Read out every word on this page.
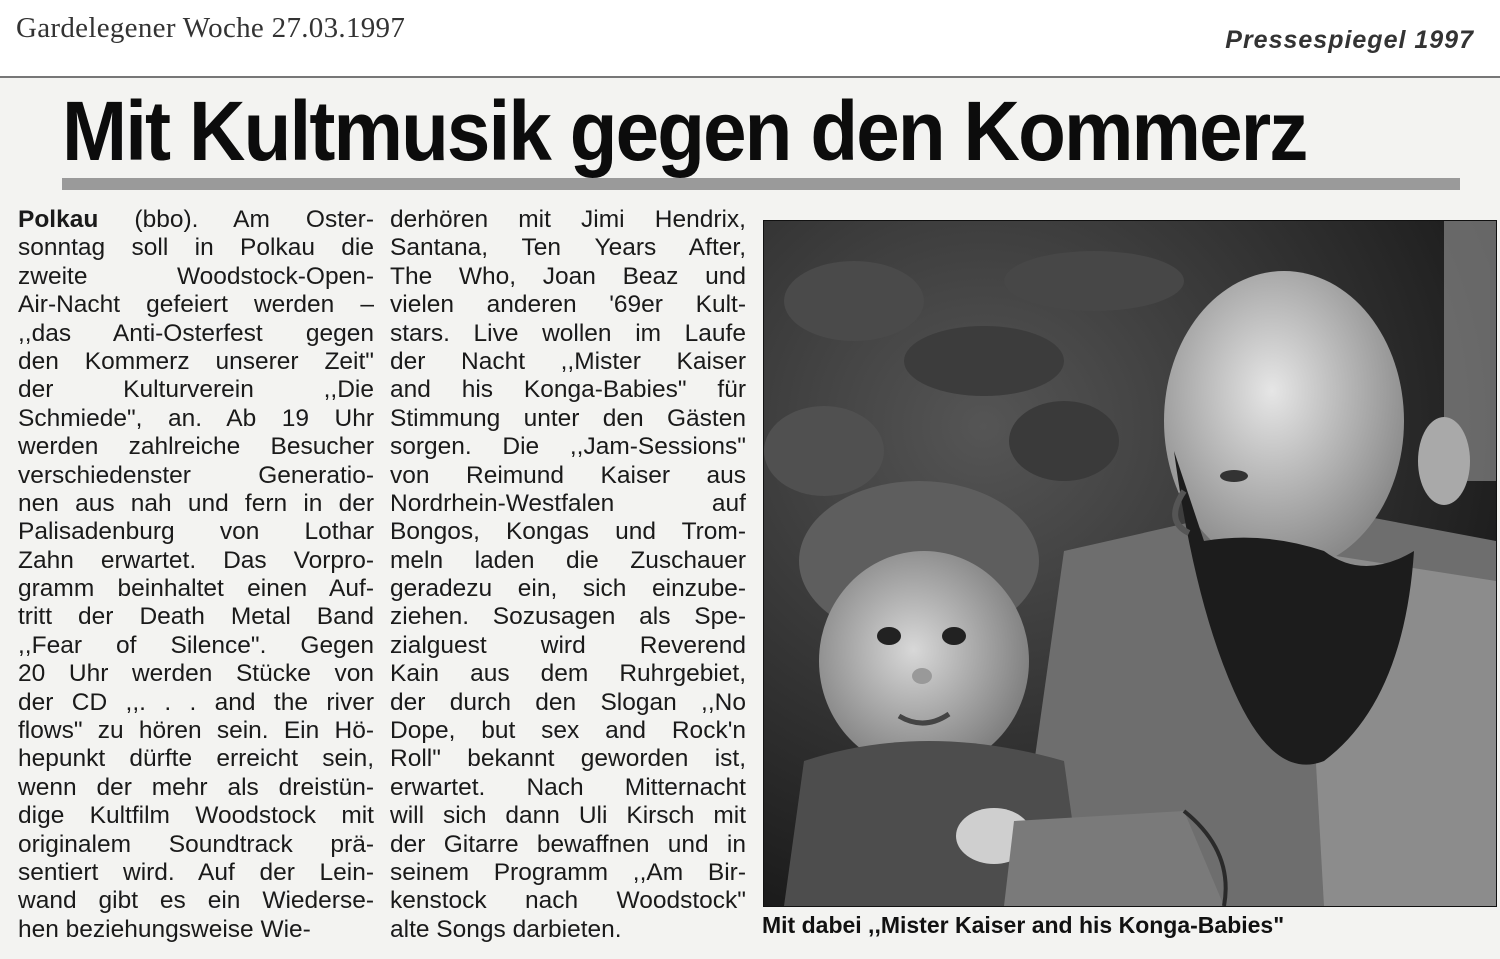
Gardelegener Woche 27.03.1997	Pressespiegel 1997
Mit Kultmusik gegen den Kommerz
Polkau (bbo). Am Oster-
sonntag soll in Polkau die
zweite Woodstock-Open-
Air-Nacht gefeiert werden –
,,das Anti-Osterfest gegen
den Kommerz unserer Zeit"
der Kulturverein ,,Die
Schmiede", an. Ab 19 Uhr
werden zahlreiche Besucher
verschiedenster Generatio-
nen aus nah und fern in der
Palisadenburg von Lothar
Zahn erwartet. Das Vorpro-
gramm beinhaltet einen Auf-
tritt der Death Metal Band
,,Fear of Silence". Gegen
20 Uhr werden Stücke von
der CD ,,. . . and the river
flows" zu hören sein. Ein Hö-
hepunkt dürfte erreicht sein,
wenn der mehr als dreistün-
dige Kultfilm Woodstock mit
originalem Soundtrack prä-
sentiert wird. Auf der Lein-
wand gibt es ein Wiederse-
hen beziehungsweise Wie-
derhören mit Jimi Hendrix,
Santana, Ten Years After,
The Who, Joan Beaz und
vielen anderen '69er Kult-
stars. Live wollen im Laufe
der Nacht ,,Mister Kaiser
and his Konga-Babies" für
Stimmung unter den Gästen
sorgen. Die ,,Jam-Sessions"
von Reimund Kaiser aus
Nordrhein-Westfalen auf
Bongos, Kongas und Trom-
meln laden die Zuschauer
geradezu ein, sich einzube-
ziehen. Sozusagen als Spe-
zialguest wird Reverend
Kain aus dem Ruhrgebiet,
der durch den Slogan ,,No
Dope, but sex and Rock'n
Roll" bekannt geworden ist,
erwartet. Nach Mitternacht
will sich dann Uli Kirsch mit
der Gitarre bewaffnen und in
seinem Programm ,,Am Bir-
kenstock nach Woodstock"
alte Songs darbieten.	Mit dabei ,,Mister Kaiser and his Konga-Babies"
